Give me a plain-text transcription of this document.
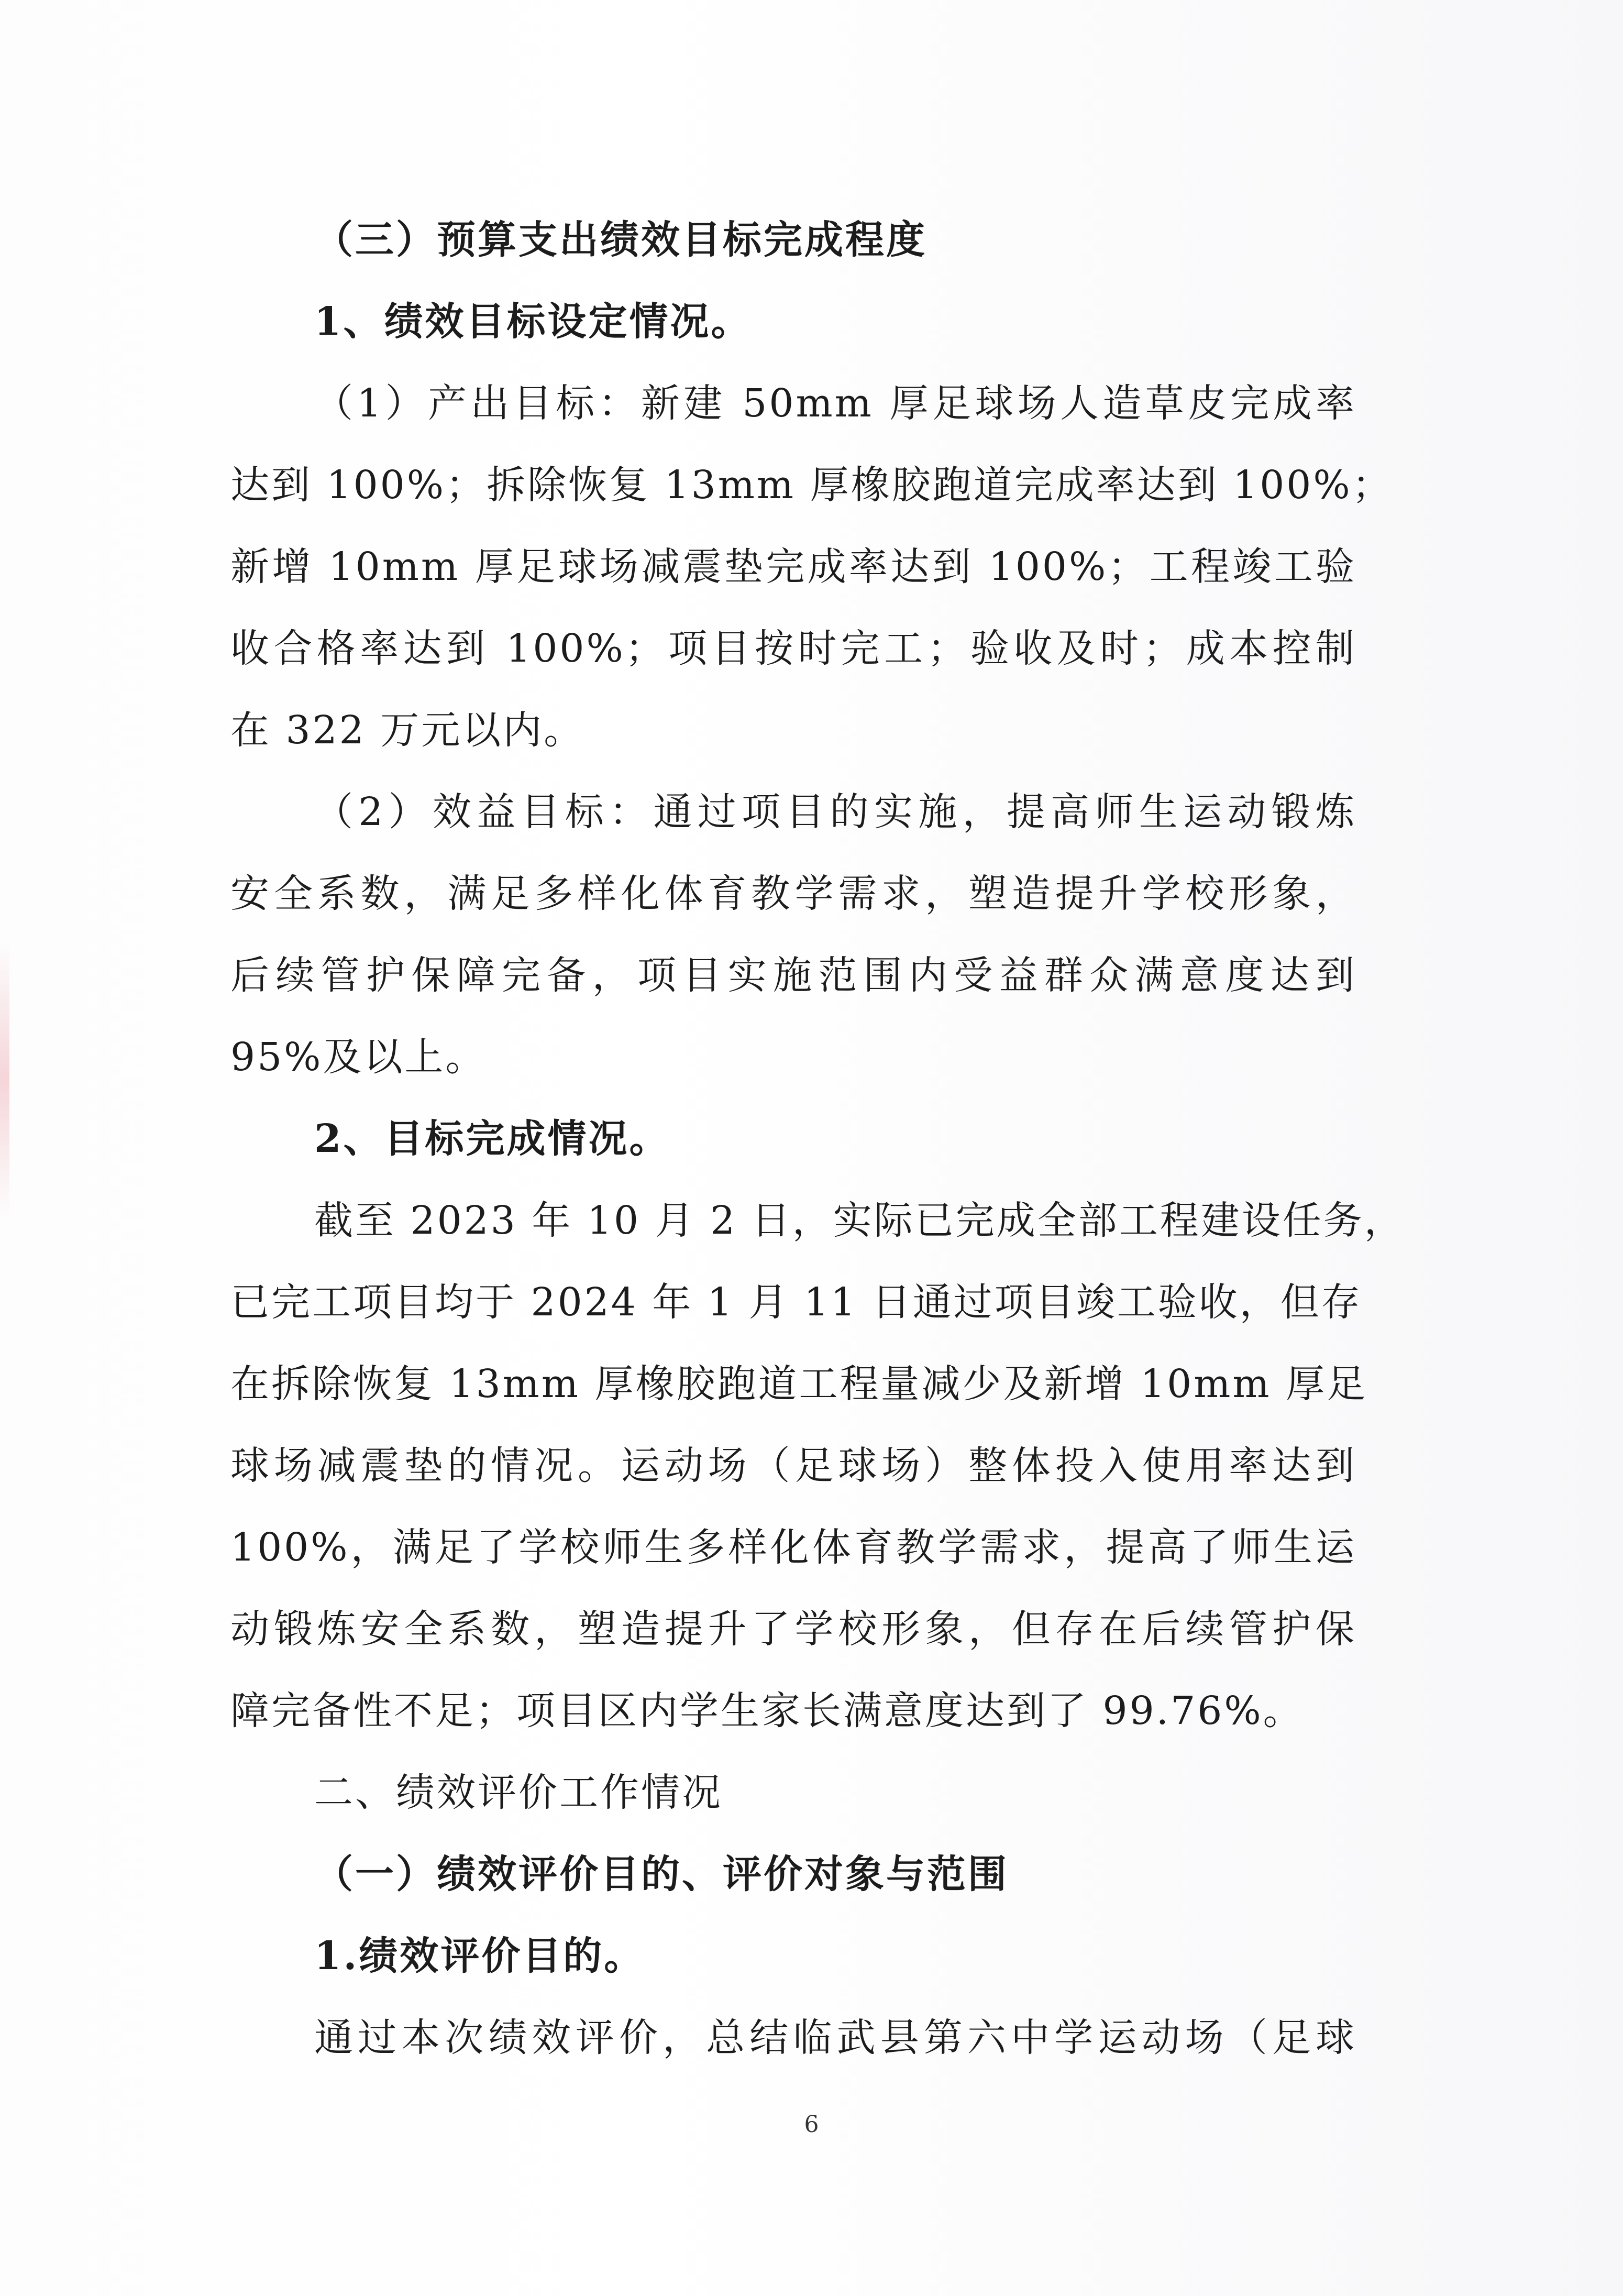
（三）预算支出绩效目标完成程度
1、绩效目标设定情况。
（1）产出目标：新建 50mm 厚足球场人造草皮完成率
达到 100%；拆除恢复 13mm 厚橡胶跑道完成率达到 100%；
新增 10mm 厚足球场减震垫完成率达到 100%；工程竣工验
收合格率达到 100%；项目按时完工；验收及时；成本控制
在 322 万元以内。
（2）效益目标：通过项目的实施，提高师生运动锻炼
安全系数，满足多样化体育教学需求，塑造提升学校形象，
后续管护保障完备，项目实施范围内受益群众满意度达到
95%及以上。
2、目标完成情况。
截至 2023 年 10 月 2 日，实际已完成全部工程建设任务，
已完工项目均于 2024 年 1 月 11 日通过项目竣工验收，但存
在拆除恢复 13mm 厚橡胶跑道工程量减少及新增 10mm 厚足
球场减震垫的情况。运动场（足球场）整体投入使用率达到
100%，满足了学校师生多样化体育教学需求，提高了师生运
动锻炼安全系数，塑造提升了学校形象，但存在后续管护保
障完备性不足；项目区内学生家长满意度达到了 99.76%。
二、绩效评价工作情况
（一）绩效评价目的、评价对象与范围
1.绩效评价目的。
通过本次绩效评价，总结临武县第六中学运动场（足球
6
